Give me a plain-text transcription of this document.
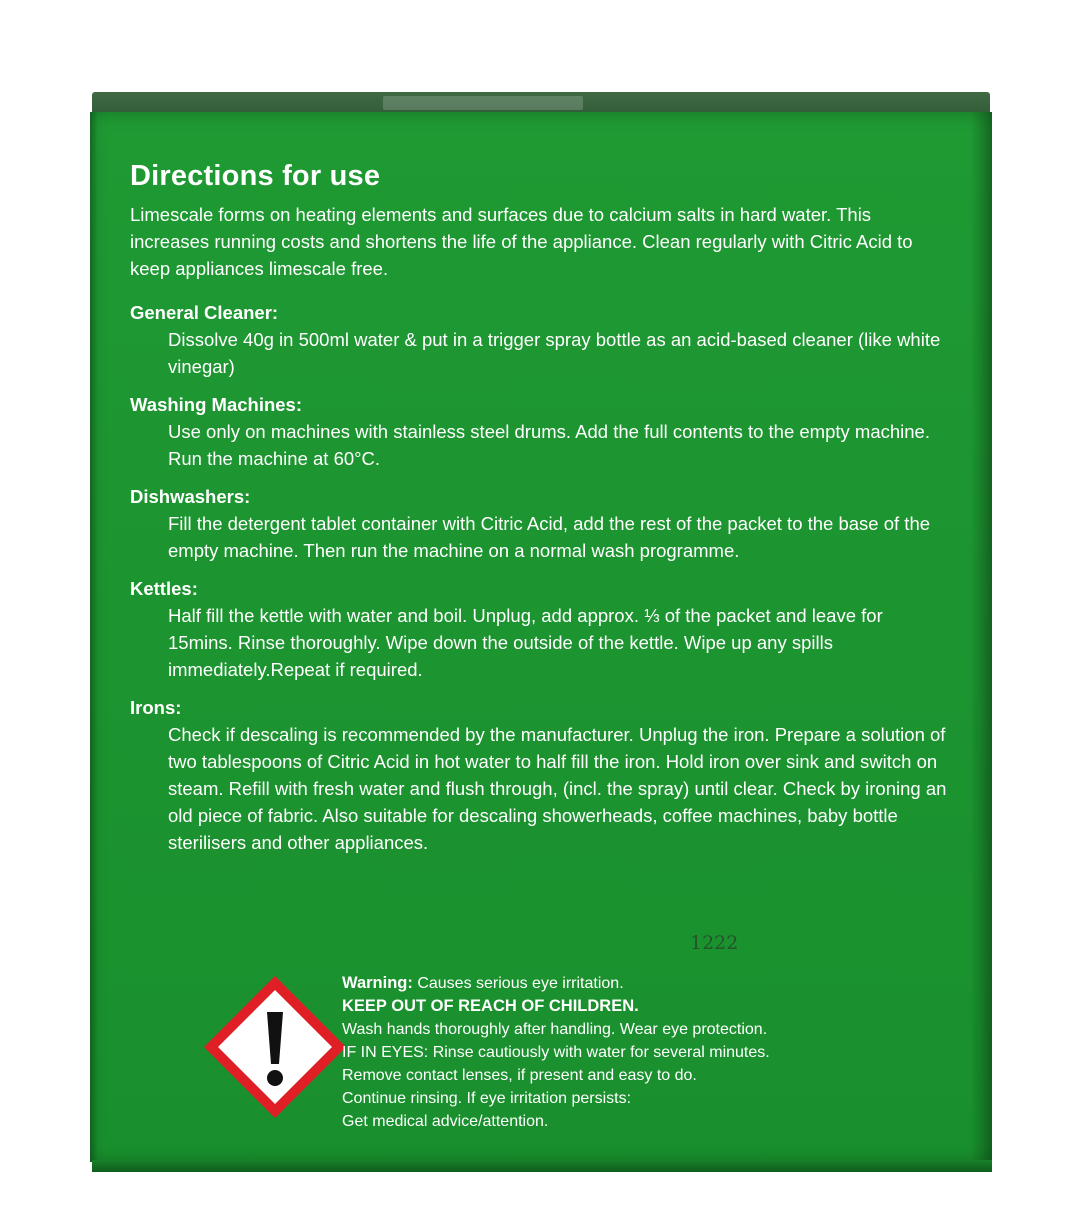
Directions for use
Limescale forms on heating elements and surfaces due to calcium salts in hard water. This increases running costs and shortens the life of the appliance. Clean regularly with Citric Acid to keep appliances limescale free.
General Cleaner:
Dissolve 40g in 500ml water & put in a trigger spray bottle as an acid-based cleaner (like white vinegar)
Washing Machines:
Use only on machines with stainless steel drums. Add the full contents to the empty machine. Run the machine at 60°C.
Dishwashers:
Fill the detergent tablet container with Citric Acid, add the rest of the packet to the base of the empty machine. Then run the machine on a normal wash programme.
Kettles:
Half fill the kettle with water and boil. Unplug, add approx. ⅓ of the packet and leave for 15mins. Rinse thoroughly. Wipe down the outside of the kettle. Wipe up any spills immediately.Repeat if required.
Irons:
Check if descaling is recommended by the manufacturer. Unplug the iron. Prepare a solution of two tablespoons of Citric Acid in hot water to half fill the iron. Hold iron over sink and switch on steam. Refill with fresh water and flush through, (incl. the spray) until clear. Check by ironing an old piece of fabric. Also suitable for descaling showerheads, coffee machines, baby bottle sterilisers and other appliances.
1222
Warning: Causes serious eye irritation.
KEEP OUT OF REACH OF CHILDREN.
Wash hands thoroughly after handling. Wear eye protection.
IF IN EYES: Rinse cautiously with water for several minutes.
Remove contact lenses, if present and easy to do.
Continue rinsing. If eye irritation persists:
Get medical advice/attention.
